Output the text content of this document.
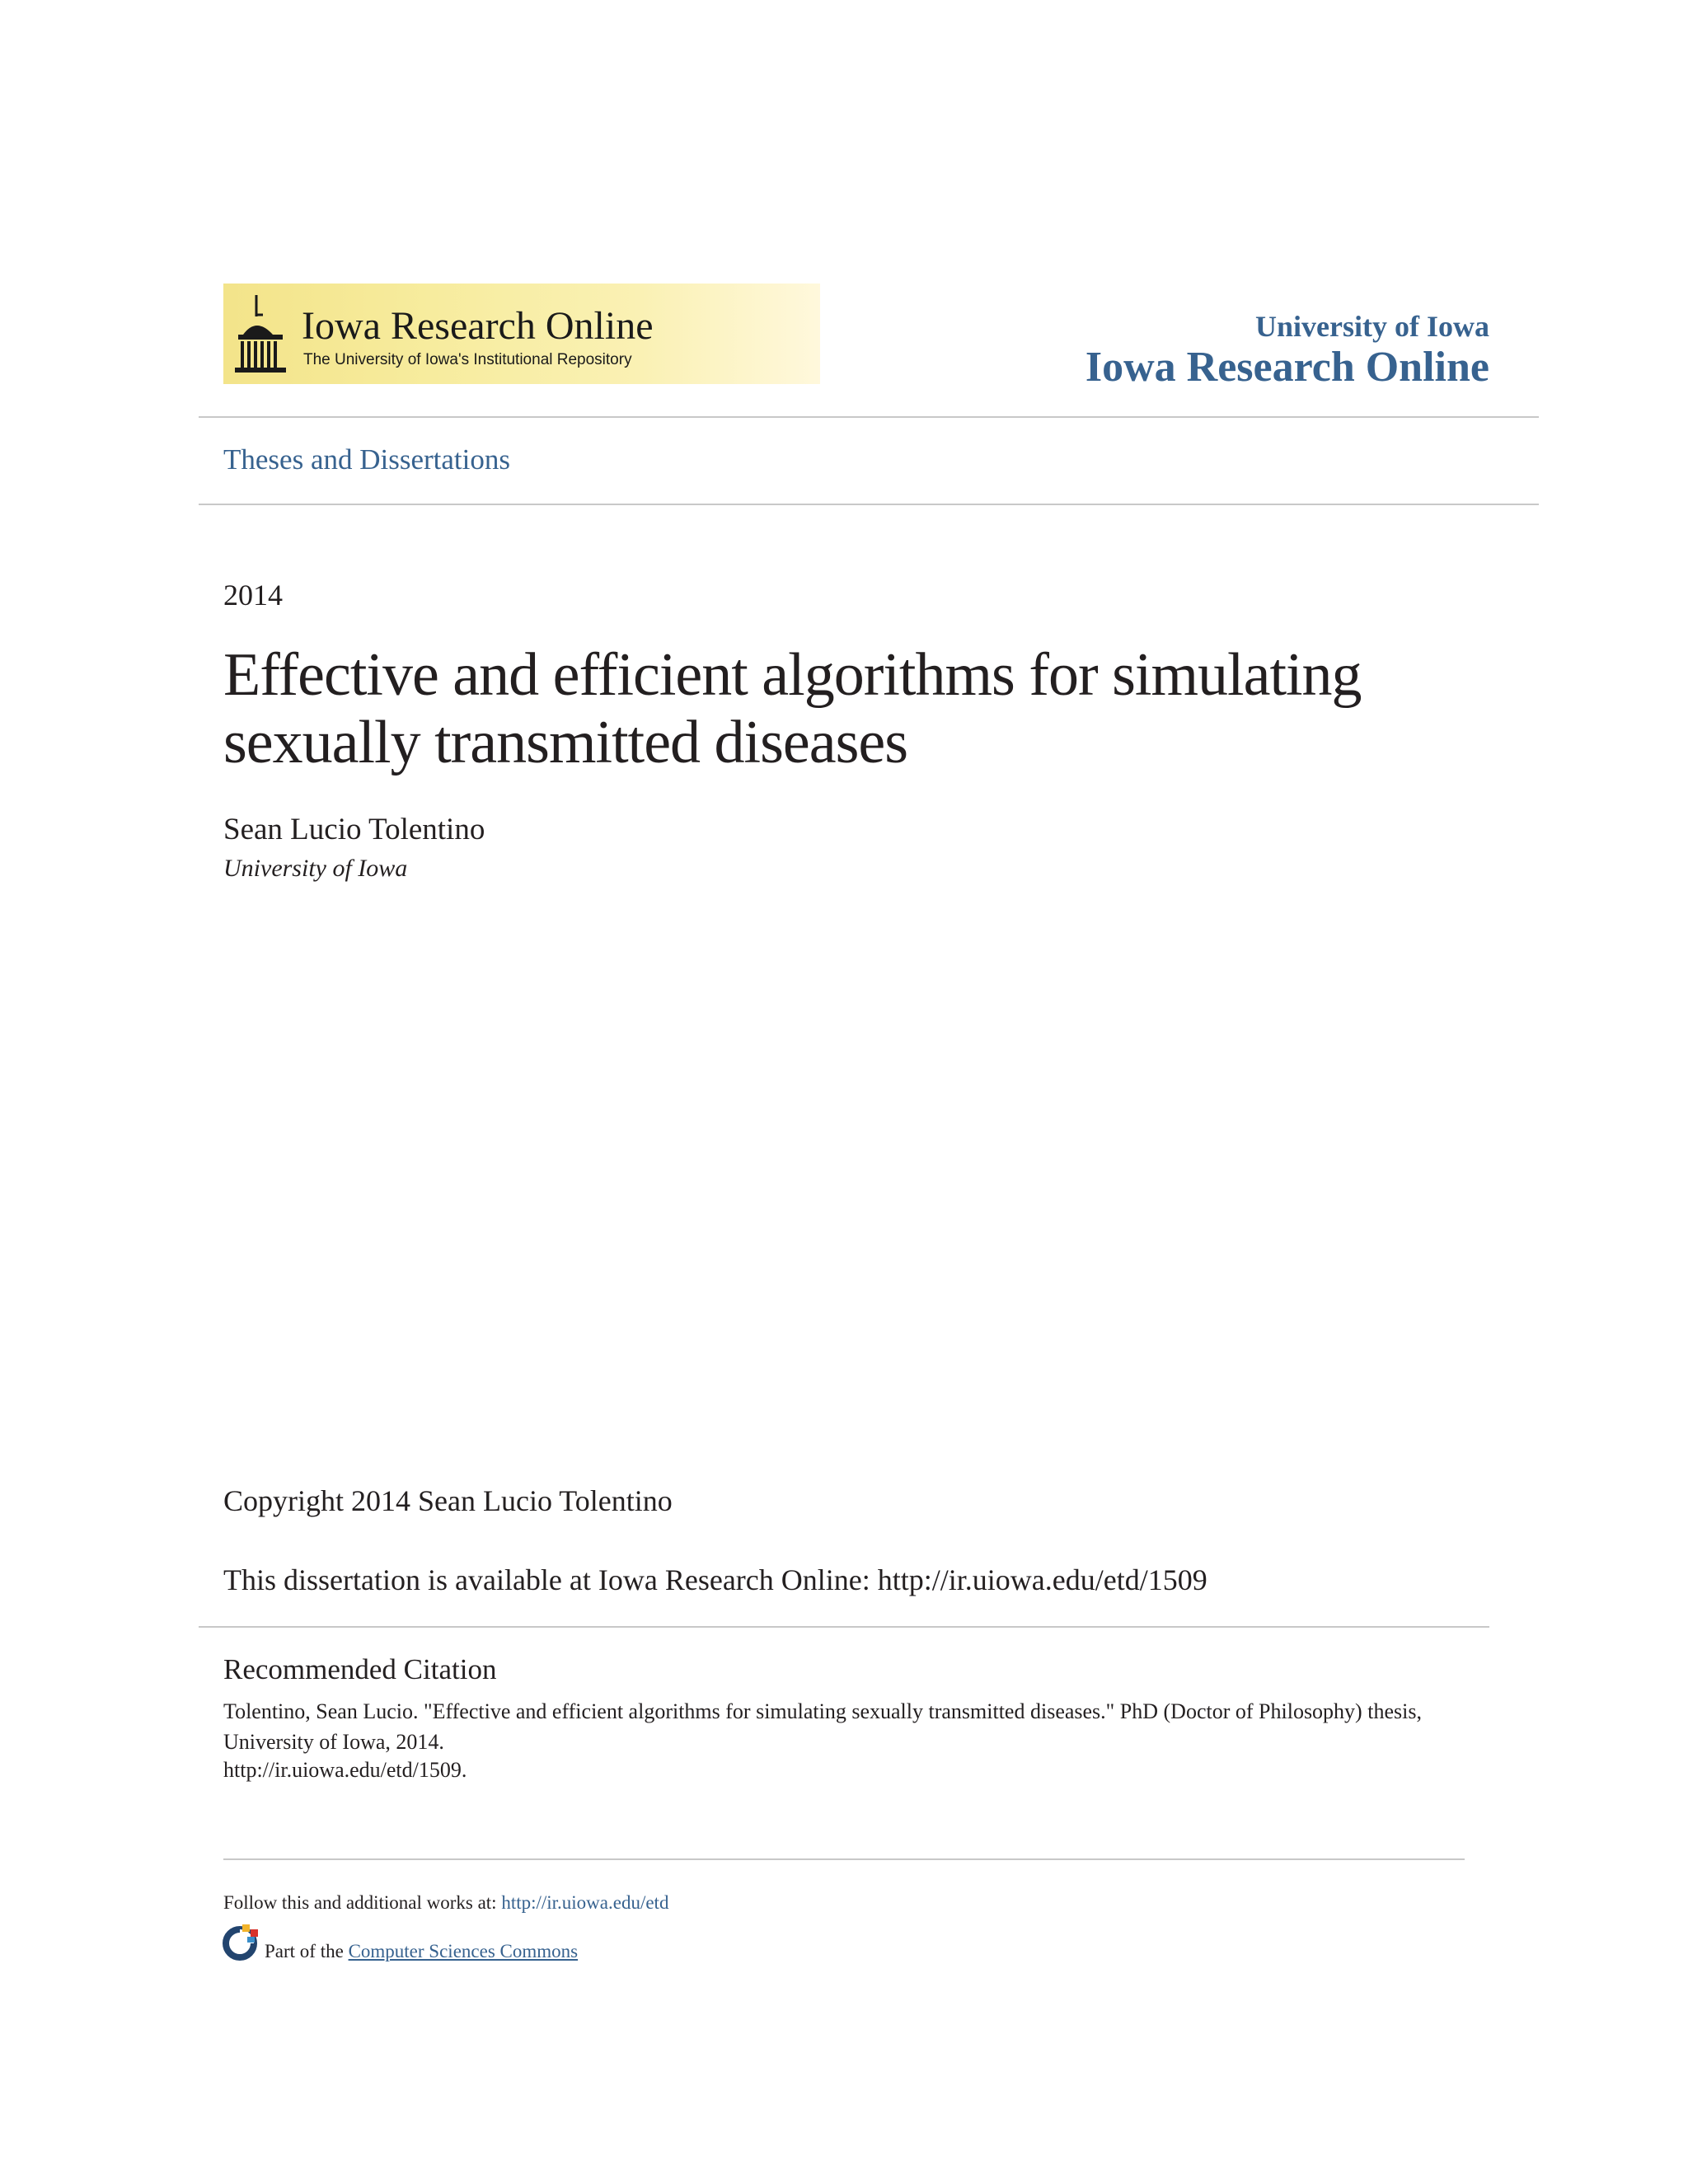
Iowa Research Online
The University of Iowa's Institutional Repository
University of Iowa
Iowa Research Online
Theses and Dissertations
2014
Effective and efficient algorithms for simulating sexually transmitted diseases
Sean Lucio Tolentino
University of Iowa
Copyright 2014 Sean Lucio Tolentino
This dissertation is available at Iowa Research Online: http://ir.uiowa.edu/etd/1509
Recommended Citation
Tolentino, Sean Lucio. "Effective and efficient algorithms for simulating sexually transmitted diseases." PhD (Doctor of Philosophy) thesis, University of Iowa, 2014.
http://ir.uiowa.edu/etd/1509.
Follow this and additional works at: http://ir.uiowa.edu/etd
Part of the Computer Sciences Commons
